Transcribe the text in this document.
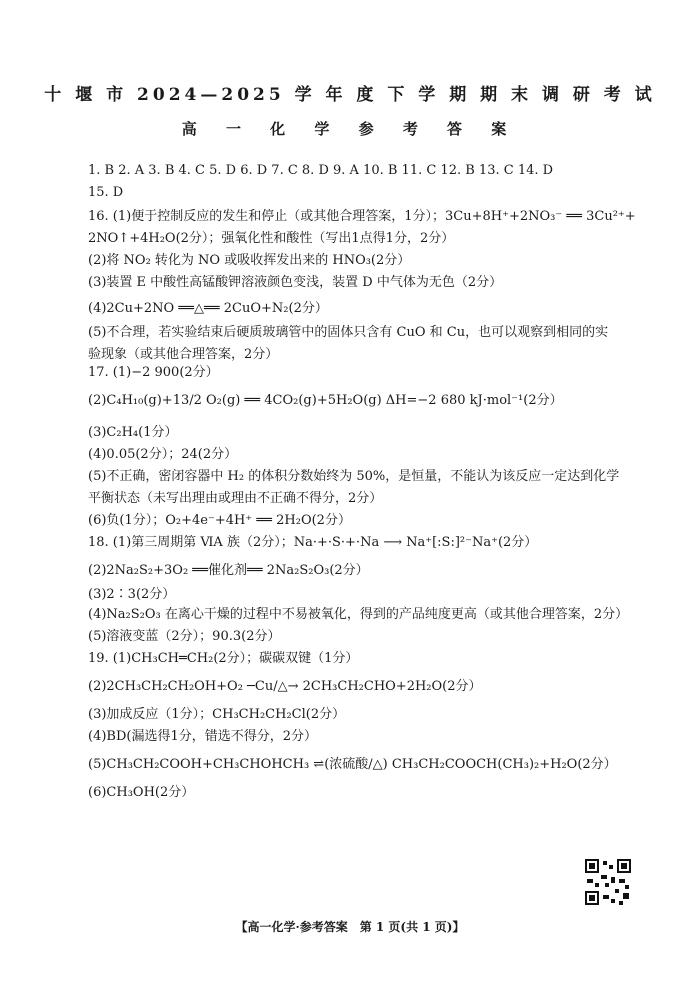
十 堰 市 2024—2025 学 年 度 下 学 期 期 末 调 研 考 试
高 一 化 学 参 考 答 案
1. B 2. A 3. B 4. C 5. D 6. D 7. C 8. D 9. A 10. B 11. C 12. B 13. C 14. D
15. D
16. (1)便于控制反应的发生和停止（或其他合理答案，1分）；3Cu+8H⁺+2NO₃⁻ ══ 3Cu²⁺+
2NO↑+4H₂O(2分）；强氧化性和酸性（写出1点得1分，2分）
(2)将 NO₂ 转化为 NO 或吸收挥发出来的 HNO₃(2分）
(3)装置 E 中酸性高锰酸钾溶液颜色变浅，装置 D 中气体为无色（2分）
(4)2Cu+2NO ══△══ 2CuO+N₂(2分）
(5)不合理，若实验结束后硬质玻璃管中的固体只含有 CuO 和 Cu，也可以观察到相同的实
验现象（或其他合理答案，2分）
17. (1)−2 900(2分）
(2)C₄H₁₀(g)+13/2 O₂(g) ══ 4CO₂(g)+5H₂O(g) ΔH=−2 680 kJ·mol⁻¹(2分）
(3)C₂H₄(1分）
(4)0.05(2分）；24(2分）
(5)不正确，密闭容器中 H₂ 的体积分数始终为 50%，是恒量，不能认为该反应一定达到化学
平衡状态（未写出理由或理由不正确不得分，2分）
(6)负(1分）；O₂+4e⁻+4H⁺ ══ 2H₂O(2分）
18. (1)第三周期第 ⅥA 族（2分）；Na·+·S·+·Na ⟶ Na⁺[:S:]²⁻Na⁺(2分）
(2)2Na₂S₂+3O₂ ══催化剂══ 2Na₂S₂O₃(2分）
(3)2∶3(2分）
(4)Na₂S₂O₃ 在离心干燥的过程中不易被氧化，得到的产品纯度更高（或其他合理答案，2分）
(5)溶液变蓝（2分）；90.3(2分）
19. (1)CH₃CH═CH₂(2分）；碳碳双键（1分）
(2)2CH₃CH₂CH₂OH+O₂ ─Cu/△→ 2CH₃CH₂CHO+2H₂O(2分）
(3)加成反应（1分）；CH₃CH₂CH₂Cl(2分）
(4)BD(漏选得1分，错选不得分，2分）
(5)CH₃CH₂COOH+CH₃CHOHCH₃ ⇌(浓硫酸/△) CH₃CH₂COOCH(CH₃)₂+H₂O(2分）
(6)CH₃OH(2分）
【高一化学·参考答案　第 1 页(共 1 页)】
